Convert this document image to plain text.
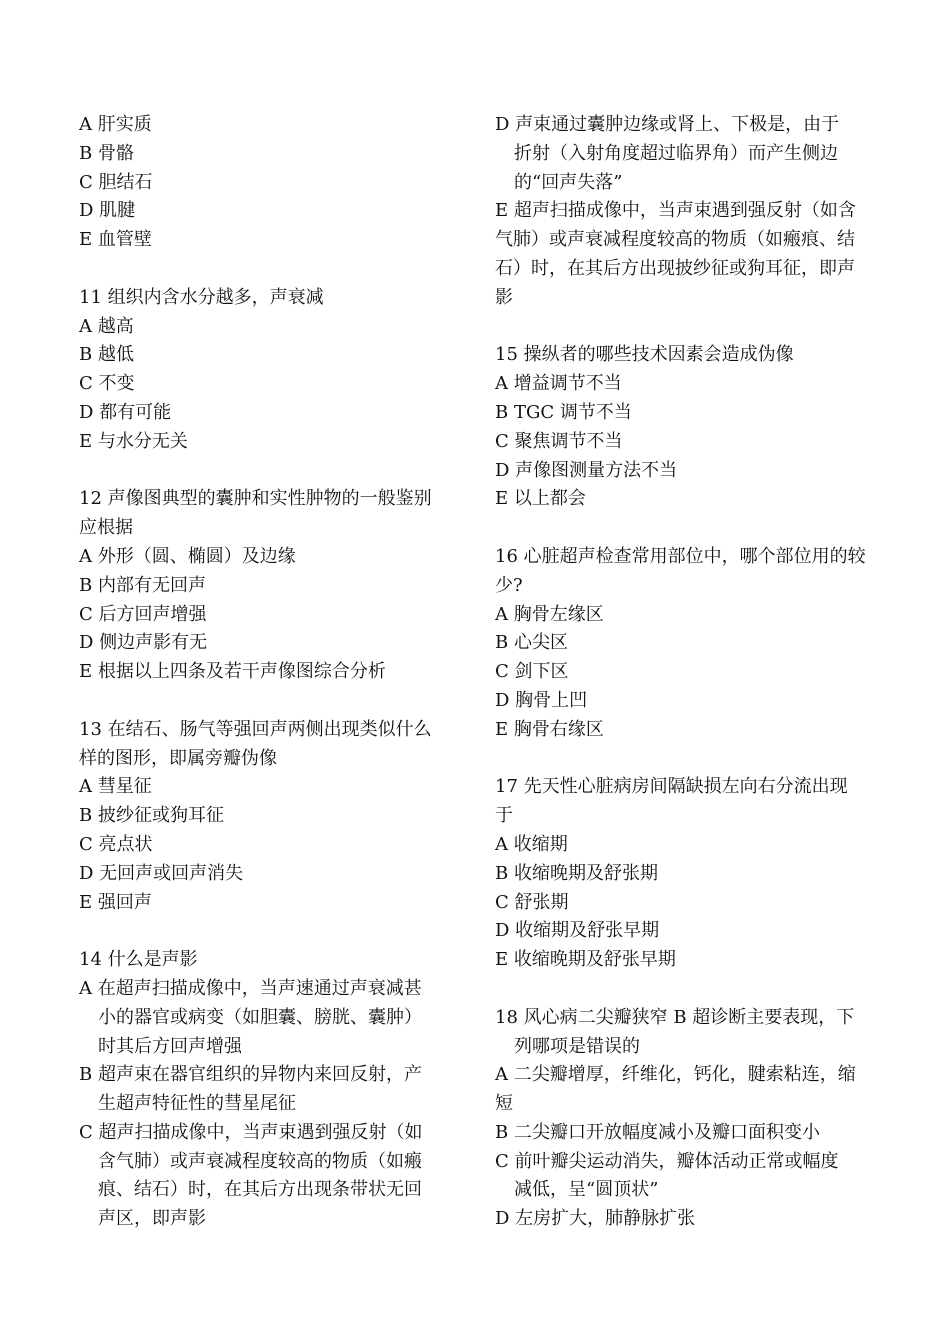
A 肝实质
B 骨骼
C 胆结石
D 肌腱
E 血管壁
11 组织内含水分越多，声衰减
A 越高
B 越低
C 不变
D 都有可能
E 与水分无关
12 声像图典型的囊肿和实性肿物的一般鉴别
应根据
A 外形（圆、椭圆）及边缘
B 内部有无回声
C 后方回声增强
D 侧边声影有无
E 根据以上四条及若干声像图综合分析
13 在结石、肠气等强回声两侧出现类似什么
样的图形，即属旁瓣伪像
A 彗星征
B 披纱征或狗耳征
C 亮点状
D 无回声或回声消失
E 强回声
14 什么是声影
A 在超声扫描成像中，当声速通过声衰减甚
小的器官或病变（如胆囊、膀胱、囊肿）
时其后方回声增强
B 超声束在器官组织的异物内来回反射，产
生超声特征性的彗星尾征
C 超声扫描成像中，当声束遇到强反射（如
含气肺）或声衰减程度较高的物质（如瘢
痕、结石）时，在其后方出现条带状无回
声区，即声影
D 声束通过囊肿边缘或肾上、下极是，由于
折射（入射角度超过临界角）而产生侧边
的“回声失落”
E 超声扫描成像中，当声束遇到强反射（如含
气肺）或声衰减程度较高的物质（如瘢痕、结
石）时，在其后方出现披纱征或狗耳征，即声
影
15 操纵者的哪些技术因素会造成伪像
A 增益调节不当
B TGC 调节不当
C 聚焦调节不当
D 声像图测量方法不当
E 以上都会
16 心脏超声检查常用部位中，哪个部位用的较
少?
A 胸骨左缘区
B 心尖区
C 剑下区
D 胸骨上凹
E 胸骨右缘区
17 先天性心脏病房间隔缺损左向右分流出现
于
A 收缩期
B 收缩晚期及舒张期
C 舒张期
D 收缩期及舒张早期
E 收缩晚期及舒张早期
18 风心病二尖瓣狭窄 B 超诊断主要表现，下
列哪项是错误的
A 二尖瓣增厚，纤维化，钙化，腱索粘连，缩
短
B 二尖瓣口开放幅度减小及瓣口面积变小
C 前叶瓣尖运动消失，瓣体活动正常或幅度
减低，呈“圆顶状”
D 左房扩大，肺静脉扩张
